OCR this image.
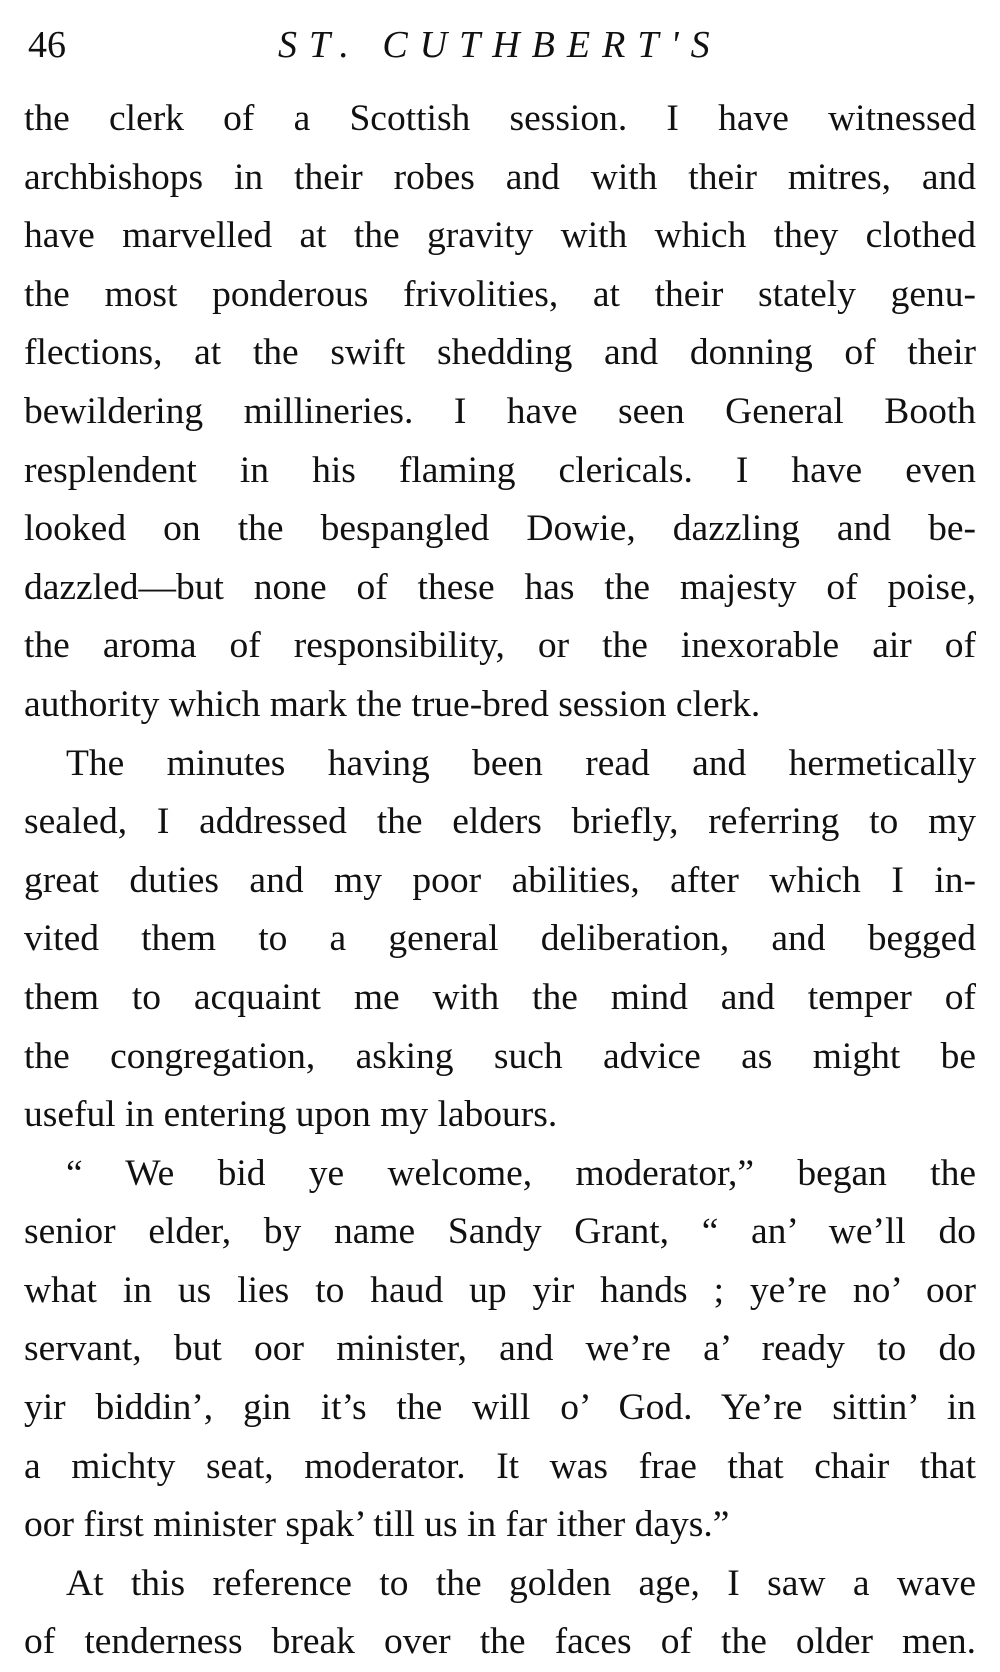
46	ST. CUTHBERT'S
the clerk of a Scottish session. I have witnessed
archbishops in their robes and with their mitres, and
have marvelled at the gravity with which they clothed
the most ponderous frivolities, at their stately genu-
flections, at the swift shedding and donning of their
bewildering millineries. I have seen General Booth
resplendent in his flaming clericals. I have even
looked on the bespangled Dowie, dazzling and be-
dazzled—but none of these has the majesty of poise,
the aroma of responsibility, or the inexorable air of
authority which mark the true-bred session clerk.
The minutes having been read and hermetically
sealed, I addressed the elders briefly, referring to my
great duties and my poor abilities, after which I in-
vited them to a general deliberation, and begged
them to acquaint me with the mind and temper of
the congregation, asking such advice as might be
useful in entering upon my labours.
“ We bid ye welcome, moderator,” began the
senior elder, by name Sandy Grant, “ an’ we’ll do
what in us lies to haud up yir hands ; ye’re no’ oor
servant, but oor minister, and we’re a’ ready to do
yir biddin’, gin it’s the will o’ God. Ye’re sittin’ in
a michty seat, moderator. It was frae that chair that
oor first minister spak’ till us in far ither days.”
At this reference to the golden age, I saw a wave
of tenderness break over the faces of the older men.
